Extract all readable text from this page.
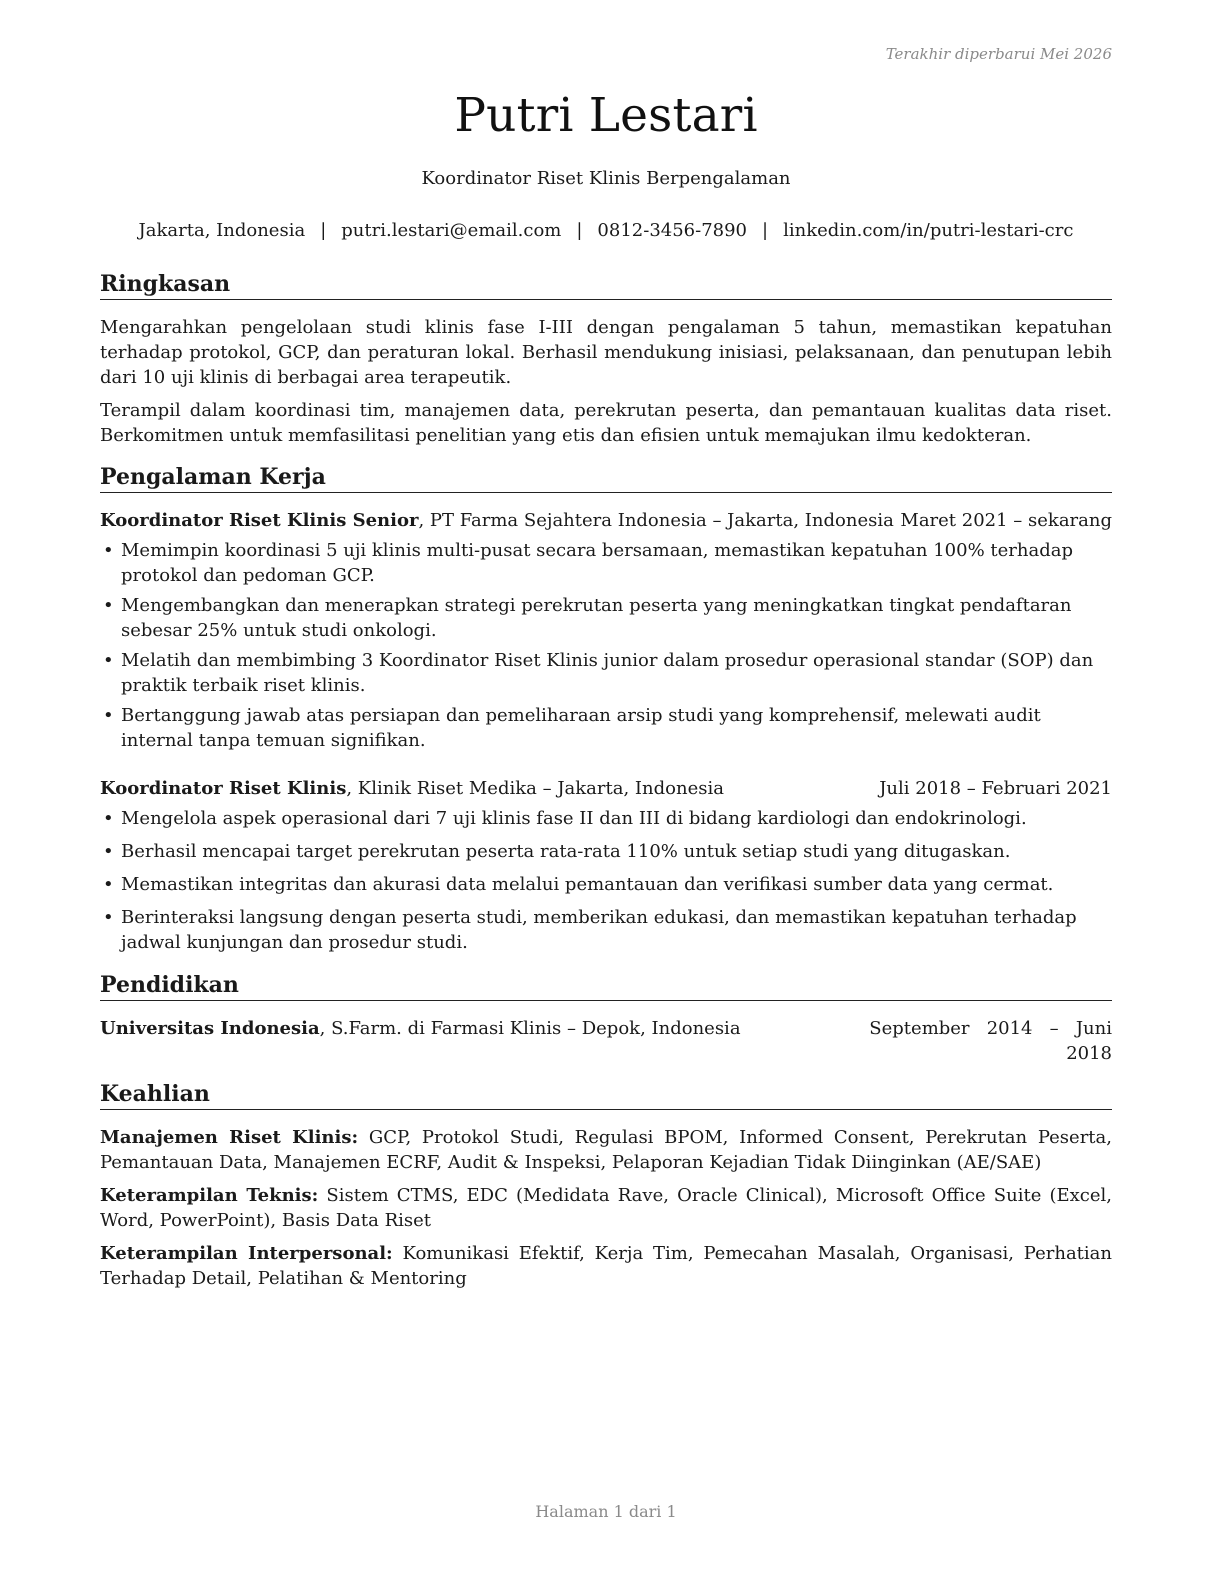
Terakhir diperbarui Mei 2026
Putri Lestari
Koordinator Riset Klinis Berpengalaman
Jakarta, Indonesia | putri.lestari@email.com | 0812-3456-7890 | linkedin.com/in/putri-lestari-crc
Ringkasan

Mengarahkan pengelolaan studi klinis fase I-III dengan pengalaman 5 tahun, memastikan kepatuhan terhadap protokol, GCP, dan peraturan lokal. Berhasil mendukung inisiasi, pelaksanaan, dan penutupan lebih dari 10 uji klinis di berbagai area terapeutik.

Terampil dalam koordinasi tim, manajemen data, perekrutan peserta, dan pemantauan kualitas data riset. Berkomitmen untuk memfasilitasi penelitian yang etis dan efisien untuk memajukan ilmu kedokteran.

Pengalaman Kerja
Koordinator Riset Klinis Senior, PT Farma Sejahtera Indonesia – Jakarta, Indonesia Maret 2021 – sekarang
• Memimpin koordinasi 5 uji klinis multi-pusat secara bersamaan, memastikan kepatuhan 100% terhadap protokol dan pedoman GCP.
• Mengembangkan dan menerapkan strategi perekrutan peserta yang meningkatkan tingkat pendaftaran sebesar 25% untuk studi onkologi.
• Melatih dan membimbing 3 Koordinator Riset Klinis junior dalam prosedur operasional standar (SOP) dan praktik terbaik riset klinis.
• Bertanggung jawab atas persiapan dan pemeliharaan arsip studi yang komprehensif, melewati audit internal tanpa temuan signifikan.
Koordinator Riset Klinis, Klinik Riset Medika – Jakarta, Indonesia	Juli 2018 – Februari 2021
• Mengelola aspek operasional dari 7 uji klinis fase II dan III di bidang kardiologi dan endokrinologi.
• Berhasil mencapai target perekrutan peserta rata-rata 110% untuk setiap studi yang ditugaskan.
• Memastikan integritas dan akurasi data melalui pemantauan dan verifikasi sumber data yang cermat.
• Berinteraksi langsung dengan peserta studi, memberikan edukasi, dan memastikan kepatuhan terhadap jadwal kunjungan dan prosedur studi.
Pendidikan
Universitas Indonesia, S.Farm. di Farmasi Klinis – Depok, Indonesia	September   2014   –   Juni
2018
Keahlian

Manajemen Riset Klinis: GCP, Protokol Studi, Regulasi BPOM, Informed Consent, Perekrutan Peserta, Pemantauan Data, Manajemen ECRF, Audit & Inspeksi, Pelaporan Kejadian Tidak Diinginkan (AE/SAE)

Keterampilan Teknis: Sistem CTMS, EDC (Medidata Rave, Oracle Clinical), Microsoft Office Suite (Excel, Word, PowerPoint), Basis Data Riset

Keterampilan Interpersonal: Komunikasi Efektif, Kerja Tim, Pemecahan Masalah, Organisasi, Perhatian Terhadap Detail, Pelatihan & Mentoring

Halaman 1 dari 1
